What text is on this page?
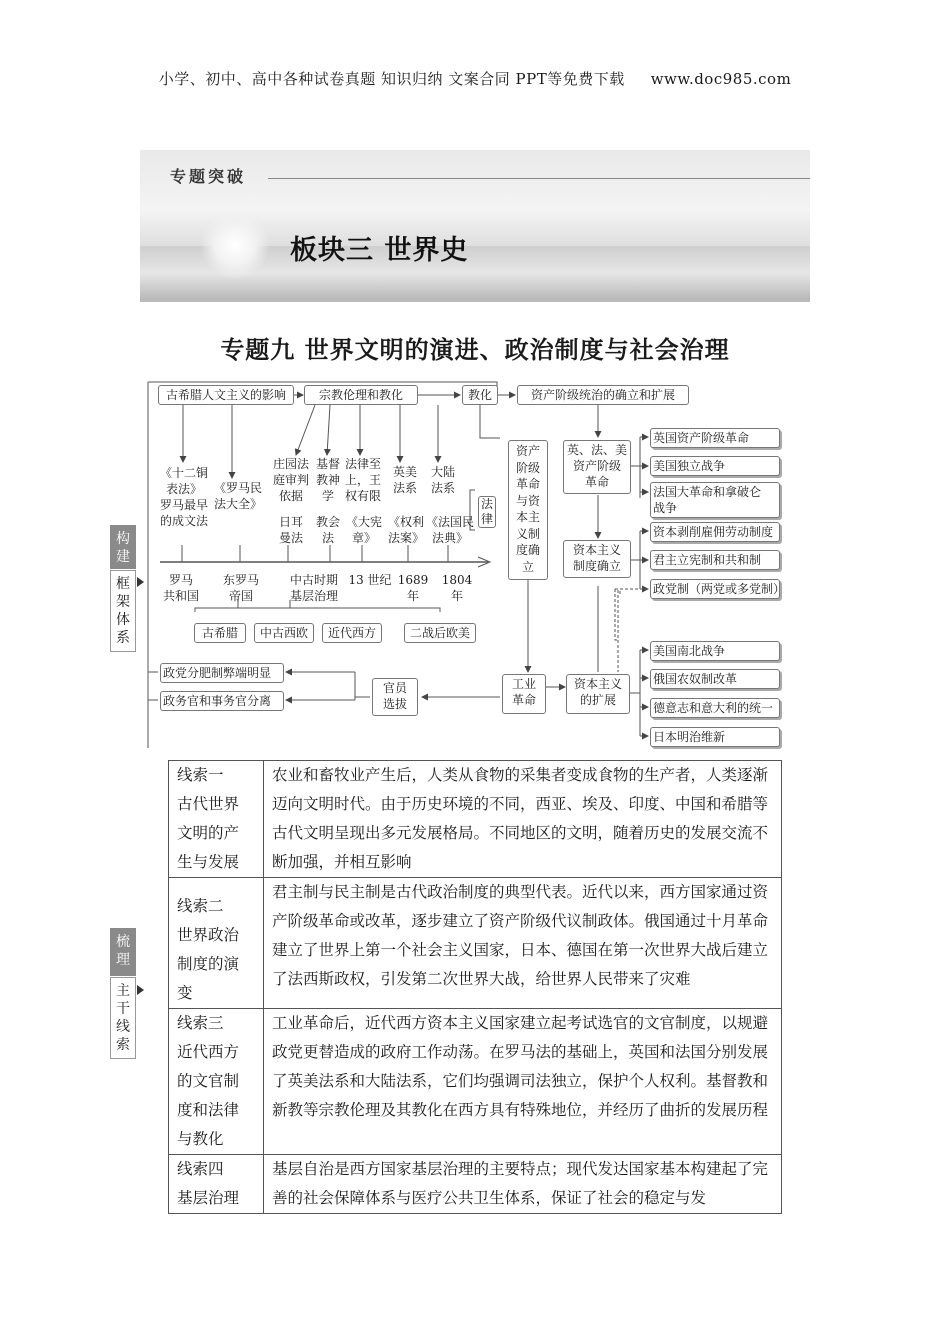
小学、初中、高中各种试卷真题 知识归纳 文案合同 PPT等免费下载 www.doc985.com
专题突破
板块三 世界史
专题九 世界文明的演进、政治制度与社会治理
构建
框架体系
梳理
主干线索
古希腊人文主义的影响	宗教伦理和教化	教化	资产阶级统治的确立和扩展
《十二铜
表法》
罗马最早
的成文法
《罗马民
法大全》
庄园法
庭审判
依据
基督
教神
学
法律至
上，王
权有限
英美
法系
大陆
法系
日耳
曼法
教会
法
《大宪
章》
《权利
法案》
《法国民
法典》
法
律
罗马
共和国
东罗马
帝国
中古时期
基层治理
13 世纪 1689 年
1804 年
古希腊	中古西欧	近代西方	二战后欧美
资产
阶级
革命
与资
本主
义制
度确
立
英、法、美
资产阶级
革命
资本主义
制度确立
工业
革命
资本主义
的扩展
官员
选拔
英国资产阶级革命
美国独立战争
法国大革命和拿破仑
战争
资本剥削雇佣劳动制度
君主立宪制和共和制
政党制（两党或多党制）
美国南北战争
俄国农奴制改革
德意志和意大利的统一
日本明治维新
政党分肥制弊端明显
政务官和事务官分离
线索一
古代世界
文明的产
生与发展	农业和畜牧业产生后，人类从食物的采集者变成食物的生产者，人类逐渐迈向文明时代。由于历史环境的不同，西亚、埃及、印度、中国和希腊等古代文明呈现出多元发展格局。不同地区的文明，随着历史的发展交流不断加强，并相互影响
线索二
世界政治
制度的演
变	君主制与民主制是古代政治制度的典型代表。近代以来，西方国家通过资产阶级革命或改革，逐步建立了资产阶级代议制政体。俄国通过十月革命建立了世界上第一个社会主义国家，日本、德国在第一次世界大战后建立了法西斯政权，引发第二次世界大战，给世界人民带来了灾难
线索三
近代西方
的文官制
度和法律
与教化	工业革命后，近代西方资本主义国家建立起考试选官的文官制度，以规避政党更替造成的政府工作动荡。在罗马法的基础上，英国和法国分别发展了英美法系和大陆法系，它们均强调司法独立，保护个人权利。基督教和新教等宗教伦理及其教化在西方具有特殊地位，并经历了曲折的发展历程
线索四
基层治理	基层自治是西方国家基层治理的主要特点；现代发达国家基本构建起了完善的社会保障体系与医疗公共卫生体系，保证了社会的稳定与发
